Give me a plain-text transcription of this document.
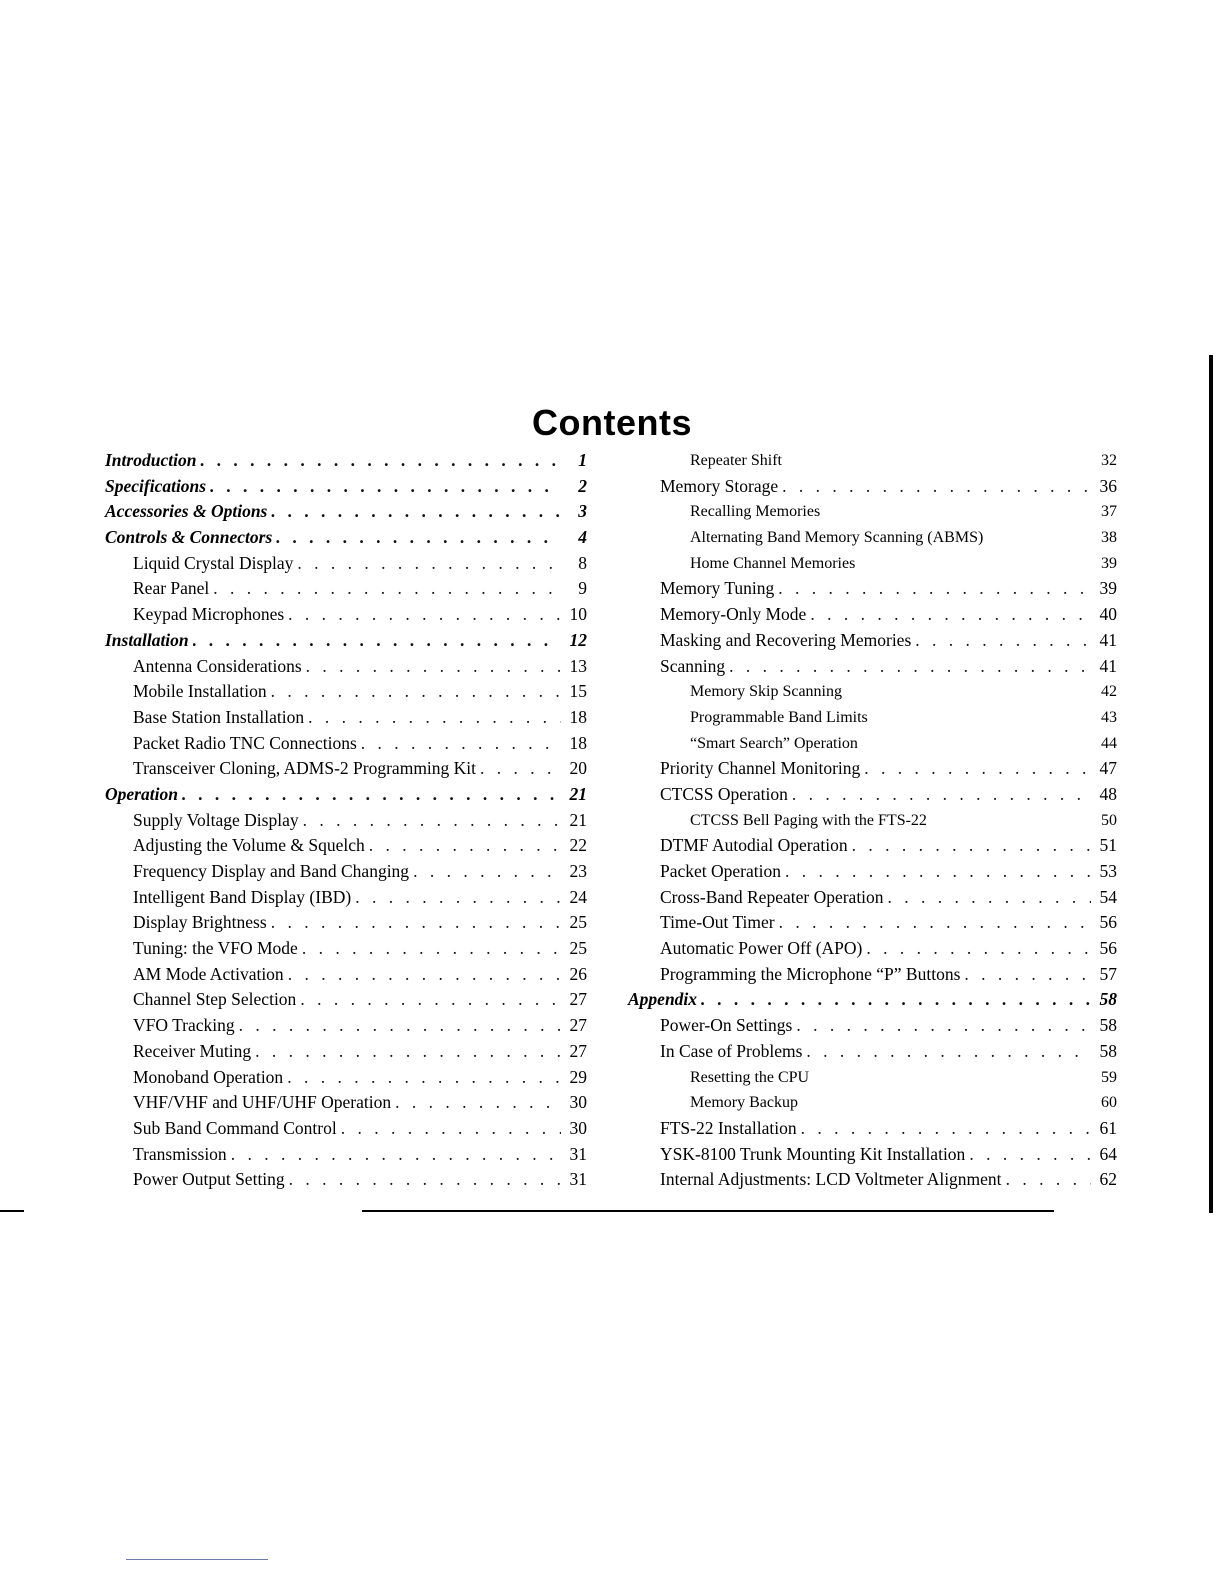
Contents
Introduction . . .	1
Specifications . . .	2
Accessories & Options . . .	3
Controls & Connectors . . .	4
Liquid Crystal Display . . .	8
Rear Panel . . .	9
Keypad Microphones . . .	10
Installation . . .	12
Antenna Considerations . . .	13
Mobile Installation . . .	15
Base Station Installation . . .	18
Packet Radio TNC Connections . . .	18
Transceiver Cloning, ADMS-2 Programming Kit . . .	20
Operation . . .	21
Supply Voltage Display . . .	21
Adjusting the Volume & Squelch . . .	22
Frequency Display and Band Changing . . .	23
Intelligent Band Display (IBD) . . .	24
Display Brightness . . .	25
Tuning: the VFO Mode . . .	25
AM Mode Activation . . .	26
Channel Step Selection . . .	27
VFO Tracking . . .	27
Receiver Muting . . .	27
Monoband Operation . . .	29
VHF/VHF and UHF/UHF Operation . . .	30
Sub Band Command Control . . .	30
Transmission . . .	31
Power Output Setting . . .	31
Repeater Shift	32
Memory Storage . . .	36
Recalling Memories	37
Alternating Band Memory Scanning (ABMS)	38
Home Channel Memories	39
Memory Tuning . . .	39
Memory-Only Mode . . .	40
Masking and Recovering Memories . . .	41
Scanning . . .	41
Memory Skip Scanning	42
Programmable Band Limits	43
“Smart Search” Operation	44
Priority Channel Monitoring . . .	47
CTCSS Operation . . .	48
CTCSS Bell Paging with the FTS-22	50
DTMF Autodial Operation . . .	51
Packet Operation . . .	53
Cross-Band Repeater Operation . . .	54
Time-Out Timer . . .	56
Automatic Power Off (APO) . . .	56
Programming the Microphone “P” Buttons . . .	57
Appendix . . .	58
Power-On Settings . . .	58
In Case of Problems . . .	58
Resetting the CPU	59
Memory Backup	60
FTS-22 Installation . . .	61
YSK-8100 Trunk Mounting Kit Installation . . .	64
Internal Adjustments: LCD Voltmeter Alignment . . .	62
